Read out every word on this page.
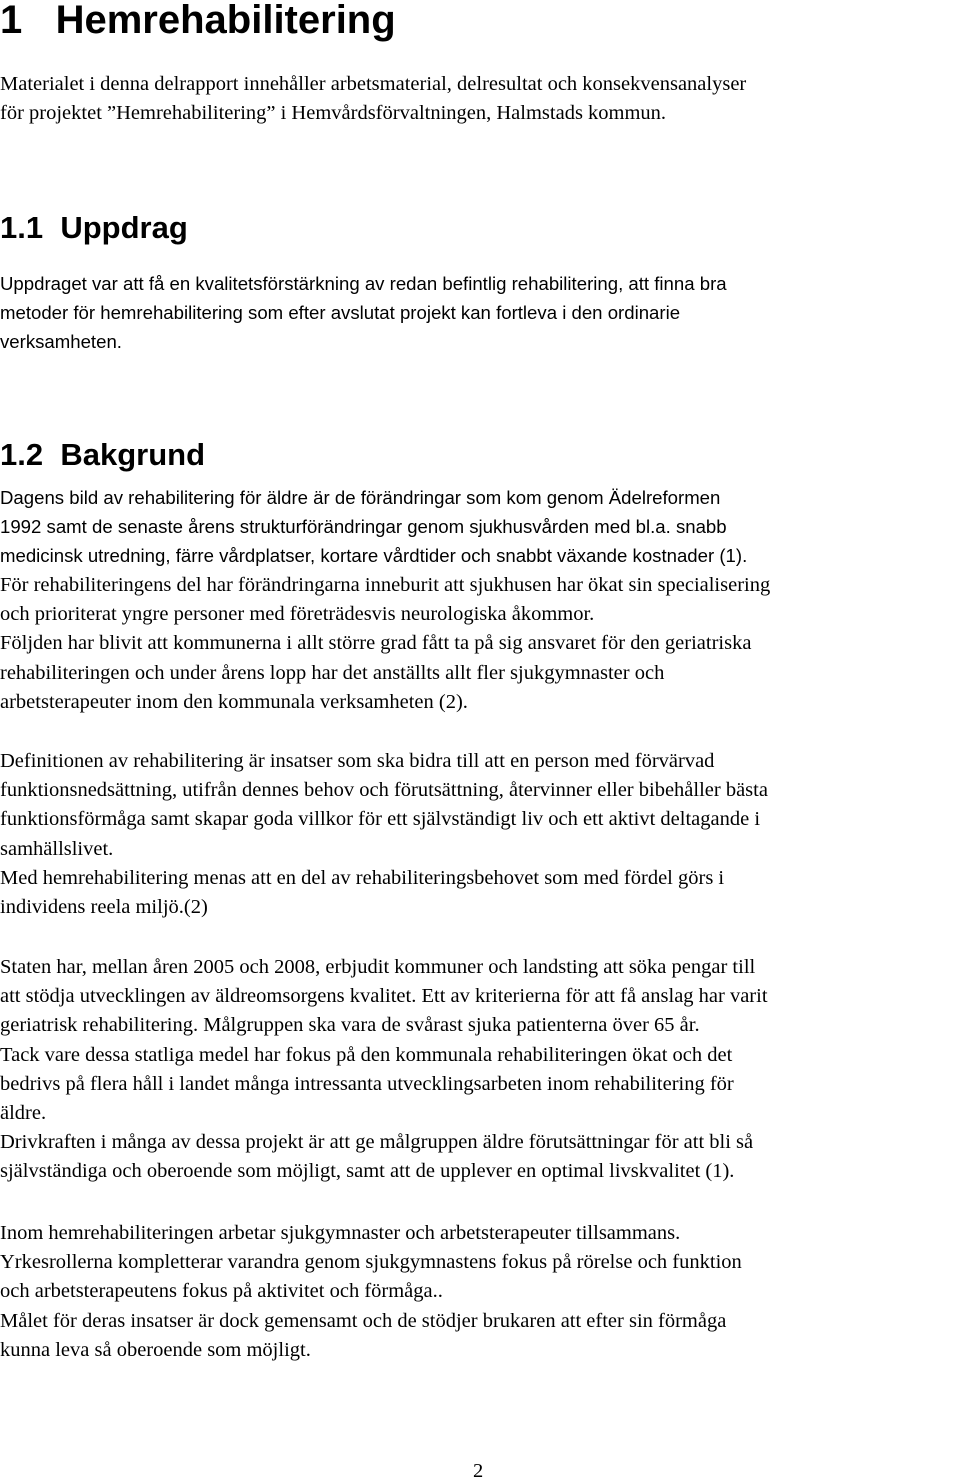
1 Hemrehabilitering
Materialet i denna delrapport innehåller arbetsmaterial, delresultat och konsekvensanalyser
för projektet ”Hemrehabilitering” i Hemvårdsförvaltningen, Halmstads kommun.
1.1 Uppdrag
Uppdraget var att få en kvalitetsförstärkning av redan befintlig rehabilitering, att finna bra
metoder för hemrehabilitering som efter avslutat projekt kan fortleva i den ordinarie
verksamheten.
1.2 Bakgrund
Dagens bild av rehabilitering för äldre är de förändringar som kom genom Ädelreformen
1992 samt de senaste årens strukturförändringar genom sjukhusvården med bl.a. snabb
medicinsk utredning, färre vårdplatser, kortare vårdtider och snabbt växande kostnader (1).
För rehabiliteringens del har förändringarna inneburit att sjukhusen har ökat sin specialisering
och prioriterat yngre personer med företrädesvis neurologiska åkommor.
Följden har blivit att kommunerna i allt större grad fått ta på sig ansvaret för den geriatriska
rehabiliteringen och under årens lopp har det anställts allt fler sjukgymnaster och
arbetsterapeuter inom den kommunala verksamheten (2).
Definitionen av rehabilitering är insatser som ska bidra till att en person med förvärvad
funktionsnedsättning, utifrån dennes behov och förutsättning, återvinner eller bibehåller bästa
funktionsförmåga samt skapar goda villkor för ett självständigt liv och ett aktivt deltagande i
samhällslivet.
Med hemrehabilitering menas att en del av rehabiliteringsbehovet som med fördel görs i
individens reela miljö.(2)
Staten har, mellan åren 2005 och 2008, erbjudit kommuner och landsting att söka pengar till
att stödja utvecklingen av äldreomsorgens kvalitet. Ett av kriterierna för att få anslag har varit
geriatrisk rehabilitering. Målgruppen ska vara de svårast sjuka patienterna över 65 år.
Tack vare dessa statliga medel har fokus på den kommunala rehabiliteringen ökat och det
bedrivs på flera håll i landet många intressanta utvecklingsarbeten inom rehabilitering för
äldre.
Drivkraften i många av dessa projekt är att ge målgruppen äldre förutsättningar för att bli så
självständiga och oberoende som möjligt, samt att de upplever en optimal livskvalitet (1).
Inom hemrehabiliteringen arbetar sjukgymnaster och arbetsterapeuter tillsammans.
Yrkesrollerna kompletterar varandra genom sjukgymnastens fokus på rörelse och funktion
och arbetsterapeutens fokus på aktivitet och förmåga..
Målet för deras insatser är dock gemensamt och de stödjer brukaren att efter sin förmåga
kunna leva så oberoende som möjligt.
2
